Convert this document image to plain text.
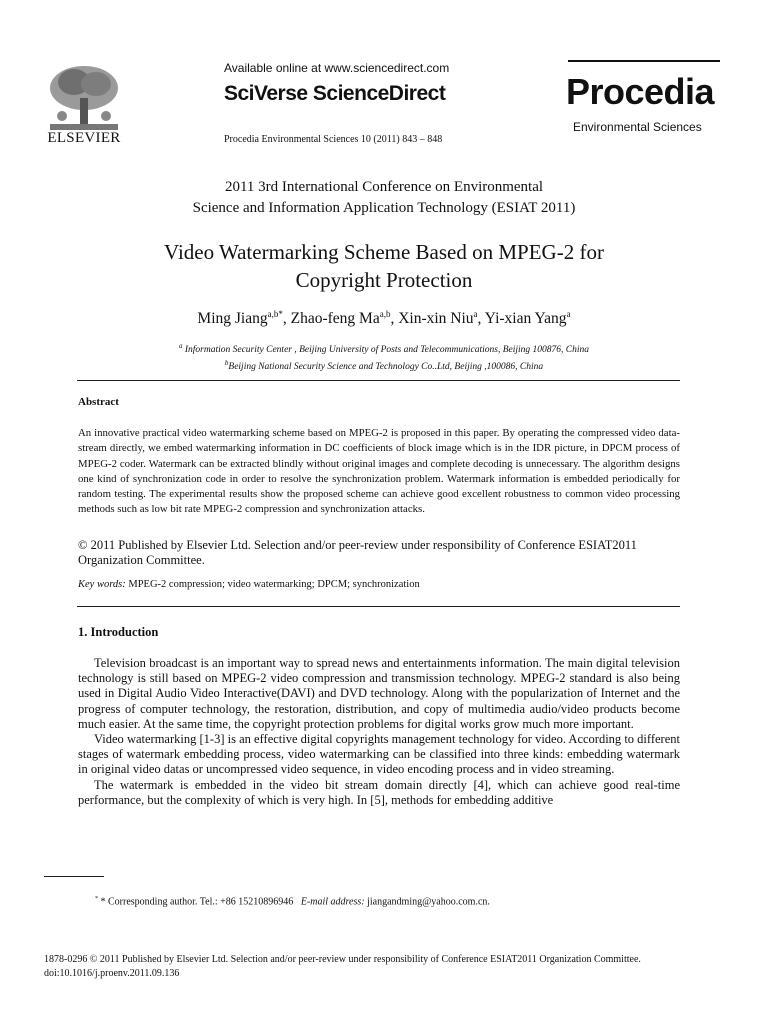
ELSEVIER
Available online at www.sciencedirect.com
SciVerse ScienceDirect
Procedia Environmental Sciences 10 (2011) 843 – 848
Procedia
Environmental Sciences
2011 3rd International Conference on Environmental
Science and Information Application Technology (ESIAT 2011)
Video Watermarking Scheme Based on MPEG-2 for
Copyright Protection
Ming Jiang$^{a,b*}$, Zhao-feng Ma$^{a,b}$, Xin-xin Niu$^a$, Yi-xian Yang$^a$
$^a$ Information Security Center , Beijing University of Posts and Telecommunications, Beijing 100876, China
$^b$Beijing National Security Science and Technology Co..Ltd, Beijing ,100086, China
Abstract
An innovative practical video watermarking scheme based on MPEG-2 is proposed in this paper. By operating the compressed video data-stream directly, we embed watermarking information in DC coefficients of block image which is in the IDR picture, in DPCM process of MPEG-2 coder. Watermark can be extracted blindly without original images and complete decoding is unnecessary. The algorithm designs one kind of synchronization code in order to resolve the synchronization problem. Watermark information is embedded periodically for random testing. The experimental results show the proposed scheme can achieve good excellent robustness to common video processing methods such as low bit rate MPEG-2 compression and synchronization attacks.
© 2011 Published by Elsevier Ltd. Selection and/or peer-review under responsibility of Conference ESIAT2011 Organization Committee.
Key words: MPEG-2 compression; video watermarking; DPCM; synchronization
1. Introduction

Television broadcast is an important way to spread news and entertainments information. The main digital television technology is still based on MPEG-2 video compression and transmission technology. MPEG-2 standard is also being used in Digital Audio Video Interactive(DAVI) and DVD technology. Along with the popularization of Internet and the progress of computer technology, the restoration, distribution, and copy of multimedia audio/video products become much easier. At the same time, the copyright protection problems for digital works grow much more important.

Video watermarking [1-3] is an effective digital copyrights management technology for video. According to different stages of watermark embedding process, video watermarking can be classified into three kinds: embedding watermark in original video datas or uncompressed video sequence, in video encoding process and in video streaming.

The watermark is embedded in the video bit stream domain directly [4], which can achieve good real-time performance, but the complexity of which is very high. In [5], methods for embedding additive

* * Corresponding author. Tel.: +86 15210896946 E-mail address: jiangandming@yahoo.com.cn.
1878-0296 © 2011 Published by Elsevier Ltd. Selection and/or peer-review under responsibility of Conference ESIAT2011 Organization Committee.
doi:10.1016/j.proenv.2011.09.136
